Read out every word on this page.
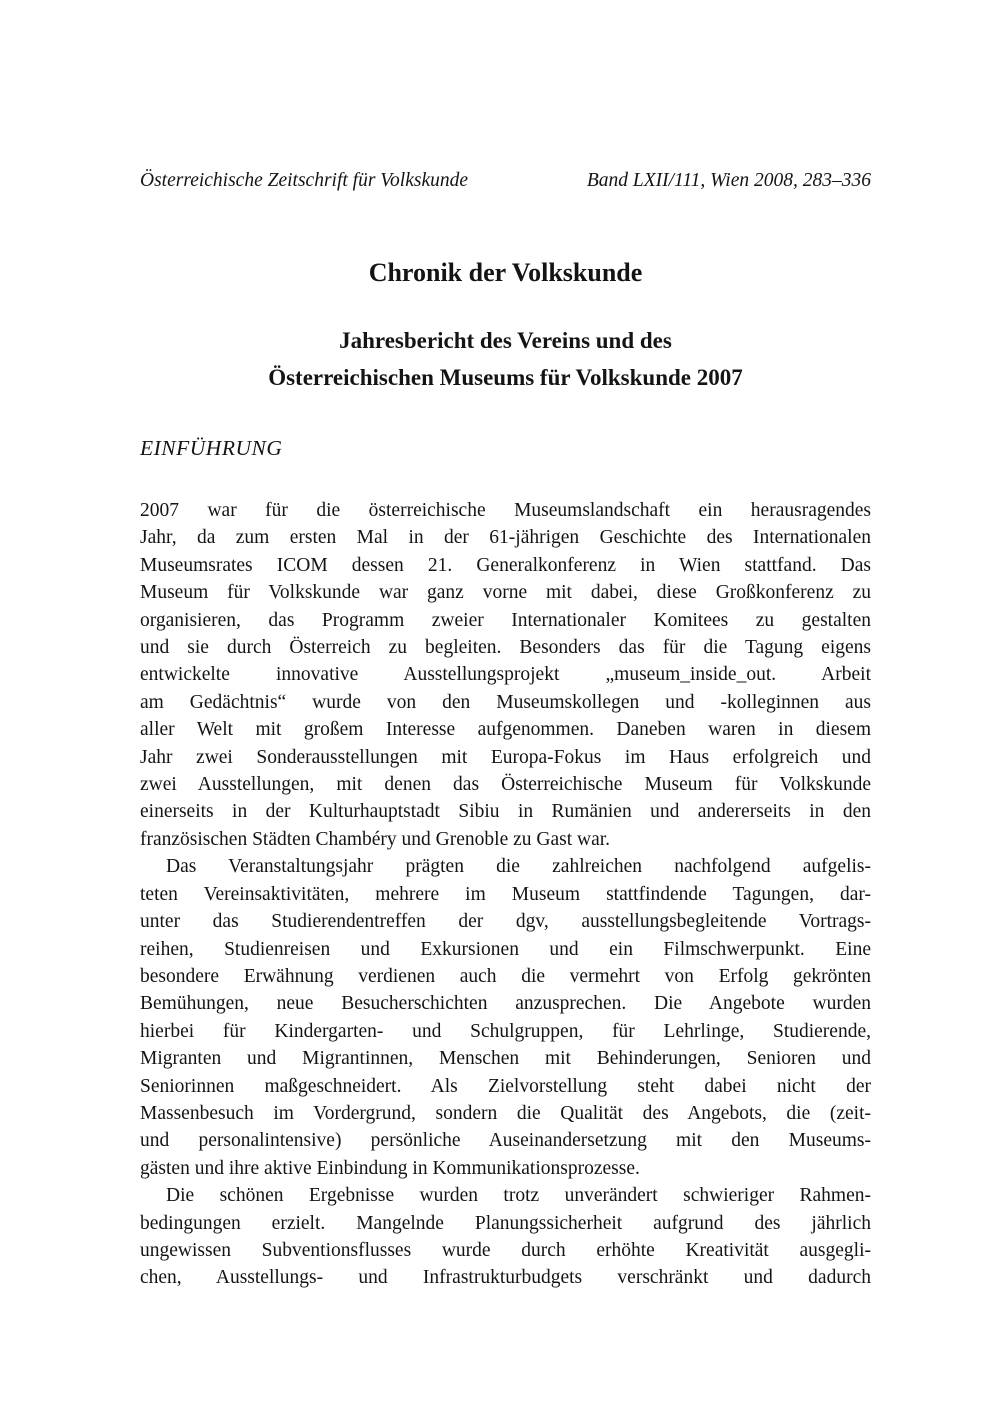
Österreichische Zeitschrift für Volkskunde	Band LXII/111, Wien 2008, 283–336
Chronik der Volkskunde
Jahresbericht des Vereins und des
Österreichischen Museums für Volkskunde 2007
EINFÜHRUNG
2007 war für die österreichische Museumslandschaft ein herausragendes
Jahr, da zum ersten Mal in der 61-jährigen Geschichte des Internationalen
Museumsrates ICOM dessen 21. Generalkonferenz in Wien stattfand. Das
Museum für Volkskunde war ganz vorne mit dabei, diese Großkonferenz zu
organisieren, das Programm zweier Internationaler Komitees zu gestalten
und sie durch Österreich zu begleiten. Besonders das für die Tagung eigens
entwickelte innovative Ausstellungsprojekt „museum_inside_out. Arbeit
am Gedächtnis“ wurde von den Museumskollegen und -kolleginnen aus
aller Welt mit großem Interesse aufgenommen. Daneben waren in diesem
Jahr zwei Sonderausstellungen mit Europa-Fokus im Haus erfolgreich und
zwei Ausstellungen, mit denen das Österreichische Museum für Volkskunde
einerseits in der Kulturhauptstadt Sibiu in Rumänien und andererseits in den
französischen Städten Chambéry und Grenoble zu Gast war.
Das Veranstaltungsjahr prägten die zahlreichen nachfolgend aufgelis-
teten Vereinsaktivitäten, mehrere im Museum stattfindende Tagungen, dar-
unter das Studierendentreffen der dgv, ausstellungsbegleitende Vortrags-
reihen, Studienreisen und Exkursionen und ein Filmschwerpunkt. Eine
besondere Erwähnung verdienen auch die vermehrt von Erfolg gekrönten
Bemühungen, neue Besucherschichten anzusprechen. Die Angebote wurden
hierbei für Kindergarten- und Schulgruppen, für Lehrlinge, Studierende,
Migranten und Migrantinnen, Menschen mit Behinderungen, Senioren und
Seniorinnen maßgeschneidert. Als Zielvorstellung steht dabei nicht der
Massenbesuch im Vordergrund, sondern die Qualität des Angebots, die (zeit-
und personalintensive) persönliche Auseinandersetzung mit den Museums-
gästen und ihre aktive Einbindung in Kommunikationsprozesse.
Die schönen Ergebnisse wurden trotz unverändert schwieriger Rahmen-
bedingungen erzielt. Mangelnde Planungssicherheit aufgrund des jährlich
ungewissen Subventionsflusses wurde durch erhöhte Kreativität ausgegli-
chen, Ausstellungs- und Infrastrukturbudgets verschränkt und dadurch
